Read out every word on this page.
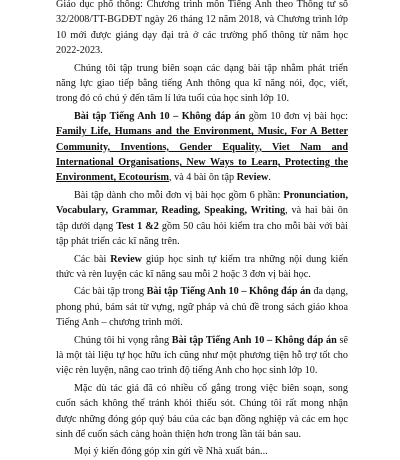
Giáo dục phổ thông: Chương trình môn Tiếng Anh theo Thông tư số 32/2008/TT-BGDĐT ngày 26 tháng 12 năm 2018, và Chương trình lớp 10 mới được giảng dạy đại trà ở các trường phổ thông từ năm học 2022-2023.

Chúng tôi tập trung biên soạn các dạng bài tập nhằm phát triển năng lực giao tiếp bằng tiếng Anh thông qua kĩ năng nói, đọc, viết, trong đó có chú ý đến tâm lí lứa tuổi của học sinh lớp 10.

Bài tập Tiếng Anh 10 – Không đáp án gồm 10 đơn vị bài học: Family Life, Humans and the Environment, Music, For A Better Community, Inventions, Gender Equality, Viet Nam and International Organisations, New Ways to Learn, Protecting the Environment, Ecotourism, và 4 bài ôn tập Review.

Bài tập dành cho mỗi đơn vị bài học gồm 6 phần: Pronunciation, Vocabulary, Grammar, Reading, Speaking, Writing, và hai bài ôn tập dưới dạng Test 1 &2 gồm 50 câu hỏi kiểm tra cho mỗi bài với bài tập phát triển các kĩ năng trên.

Các bài Review giúp học sinh tự kiểm tra những nội dung kiến thức và rèn luyện các kĩ năng sau mỗi 2 hoặc 3 đơn vị bài học.

Các bài tập trong Bài tập Tiếng Anh 10 – Không đáp án đa dạng, phong phú, bám sát từ vựng, ngữ pháp và chủ đề trong sách giáo khoa Tiếng Anh – chương trình mới.

Chúng tôi hi vọng rằng Bài tập Tiếng Anh 10 – Không đáp án sẽ là một tài liệu tự học hữu ích cũng như một phương tiện hỗ trợ tốt cho việc rèn luyện, nâng cao trình độ tiếng Anh cho học sinh lớp 10.

Mặc dù tác giả đã có nhiều cố gắng trong việc biên soạn, song cuốn sách không thể tránh khỏi thiếu sót. Chúng tôi rất mong nhận được những đóng góp quý báu của các bạn đồng nghiệp và các em học sinh để cuốn sách càng hoàn thiện hơn trong lần tái bản sau.

Mọi ý kiến đóng góp xin gửi về Nhà xuất bản...
